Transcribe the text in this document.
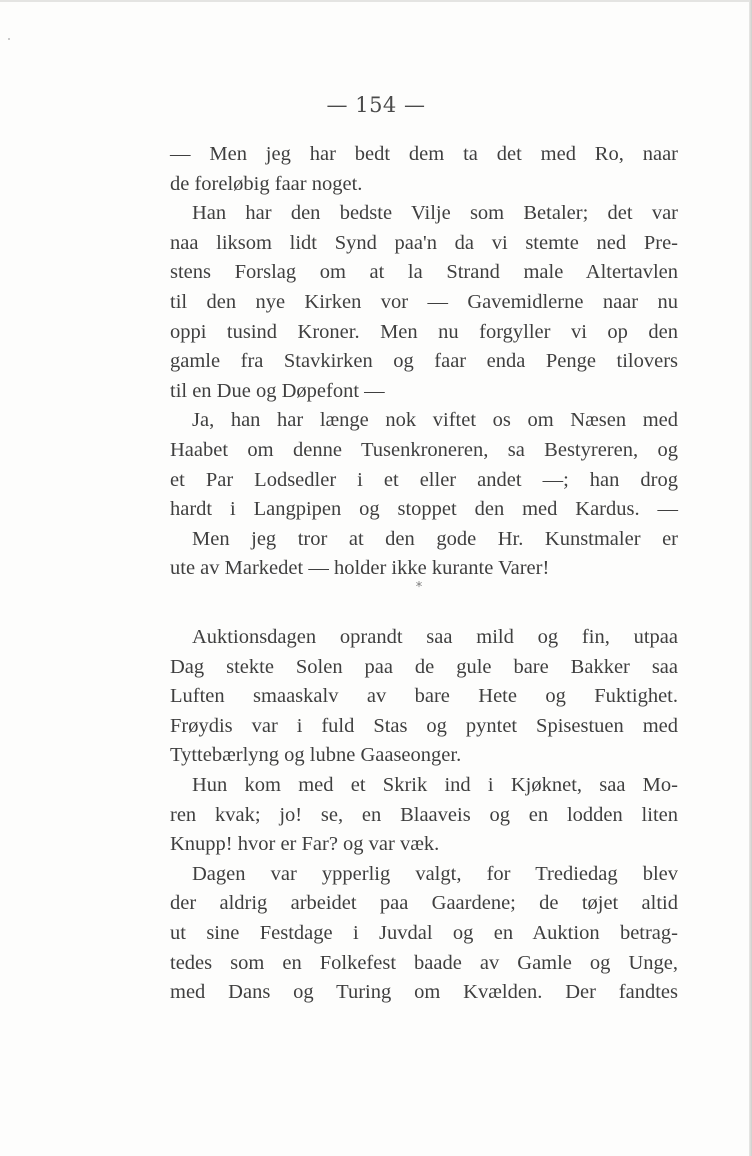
— 154 —
— Men jeg har bedt dem ta det med Ro, naar
de foreløbig faar noget.
Han har den bedste Vilje som Betaler; det var
naa liksom lidt Synd paa'n da vi stemte ned Pre-
stens Forslag om at la Strand male Altertavlen
til den nye Kirken vor — Gavemidlerne naar nu
oppi tusind Kroner. Men nu forgyller vi op den
gamle fra Stavkirken og faar enda Penge tilovers
til en Due og Døpefont —
Ja, han har længe nok viftet os om Næsen med
Haabet om denne Tusenkroneren, sa Bestyreren, og
et Par Lodsedler i et eller andet —; han drog
hardt i Langpipen og stoppet den med Kardus. —
Men jeg tror at den gode Hr. Kunstmaler er
ute av Markedet — holder ikke kurante Varer!
*
Auktionsdagen oprandt saa mild og fin, utpaa
Dag stekte Solen paa de gule bare Bakker saa
Luften smaaskalv av bare Hete og Fuktighet.
Frøydis var i fuld Stas og pyntet Spisestuen med
Tyttebærlyng og lubne Gaaseonger.
Hun kom med et Skrik ind i Kjøknet, saa Mo-
ren kvak; jo! se, en Blaaveis og en lodden liten
Knupp! hvor er Far? og var væk.
Dagen var ypperlig valgt, for Trediedag blev
der aldrig arbeidet paa Gaardene; de tøjet altid
ut sine Festdage i Juvdal og en Auktion betrag-
tedes som en Folkefest baade av Gamle og Unge,
med Dans og Turing om Kvælden. Der fandtes
